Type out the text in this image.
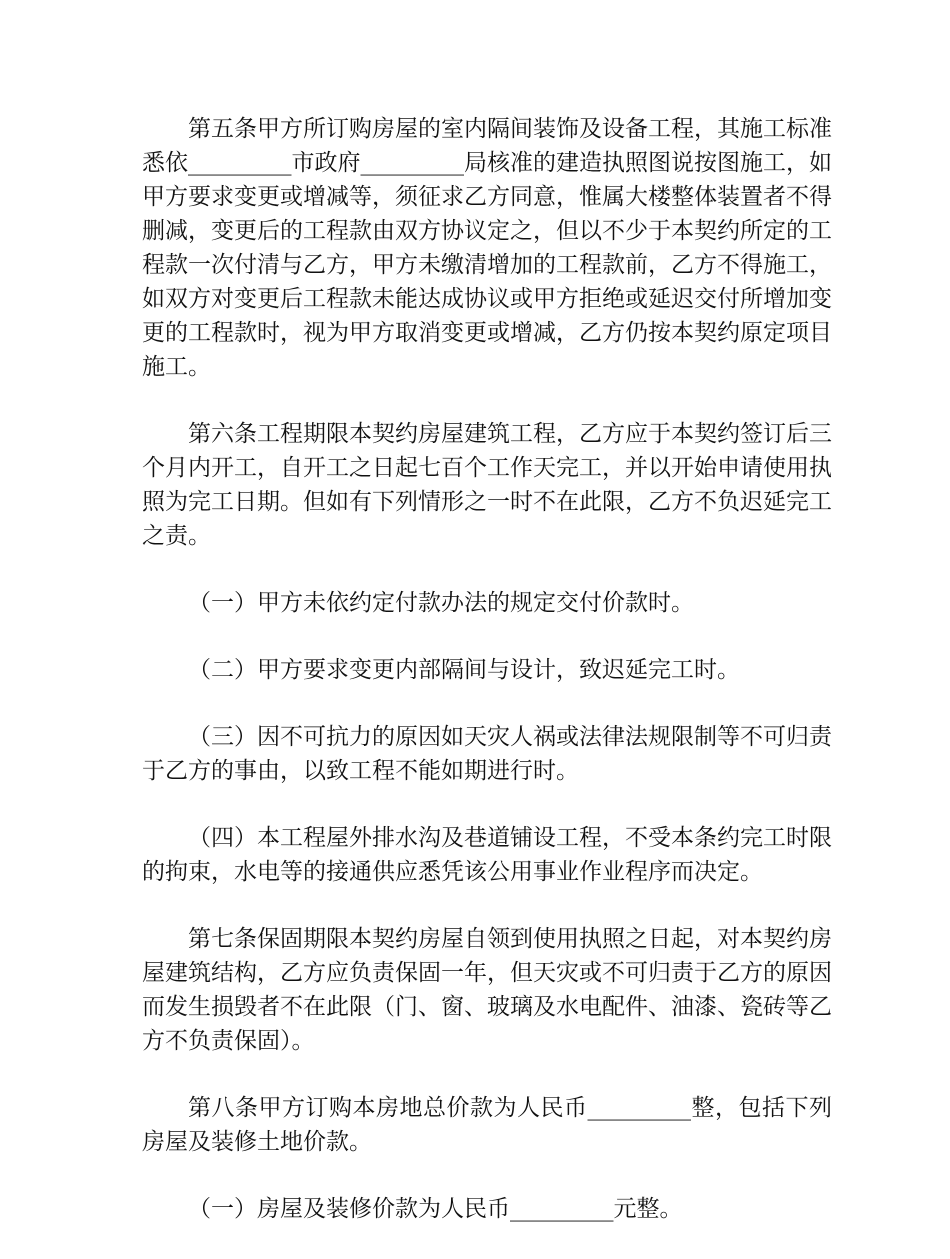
第五条甲方所订购房屋的室内隔间装饰及设备工程，其施工标准悉依_________市政府_________局核准的建造执照图说按图施工，如甲方要求变更或增减等，须征求乙方同意，惟属大楼整体装置者不得删减，变更后的工程款由双方协议定之，但以不少于本契约所定的工程款一次付清与乙方，甲方未缴清增加的工程款前，乙方不得施工，如双方对变更后工程款未能达成协议或甲方拒绝或延迟交付所增加变更的工程款时，视为甲方取消变更或增减，乙方仍按本契约原定项目施工。

第六条工程期限本契约房屋建筑工程，乙方应于本契约签订后三个月内开工，自开工之日起七百个工作天完工，并以开始申请使用执照为完工日期。但如有下列情形之一时不在此限，乙方不负迟延完工之责。

（一）甲方未依约定付款办法的规定交付价款时。

（二）甲方要求变更内部隔间与设计，致迟延完工时。

（三）因不可抗力的原因如天灾人祸或法律法规限制等不可归责于乙方的事由，以致工程不能如期进行时。

（四）本工程屋外排水沟及巷道铺设工程，不受本条约完工时限的拘束，水电等的接通供应悉凭该公用事业作业程序而决定。

第七条保固期限本契约房屋自领到使用执照之日起，对本契约房屋建筑结构，乙方应负责保固一年，但天灾或不可归责于乙方的原因而发生损毁者不在此限（门、窗、玻璃及水电配件、油漆、瓷砖等乙方不负责保固）。

第八条甲方订购本房地总价款为人民币_________整，包括下列房屋及装修土地价款。

（一）房屋及装修价款为人民币_________元整。
